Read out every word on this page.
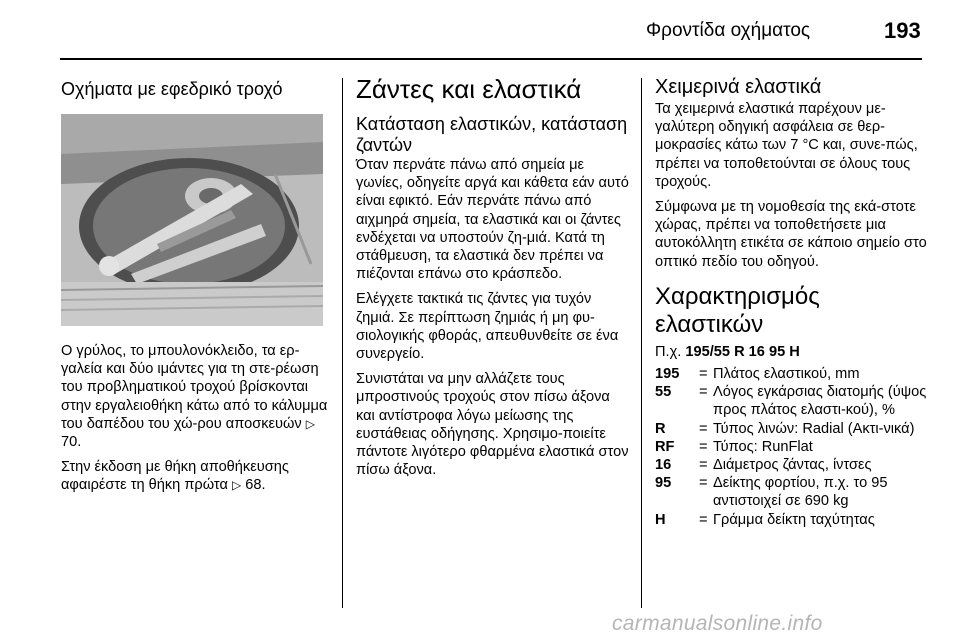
Φροντίδα οχήματος	193
Οχήματα με εφεδρικό τροχό

Ο γρύλος, το μπουλονόκλειδο, τα ερ-γαλεία και δύο ιμάντες για τη στε-ρέωση του προβληματικού τροχού βρίσκονται στην εργαλειοθήκη κάτω από το κάλυμμα του δαπέδου του χώ-ρου αποσκευών ▷ 70.

Στην έκδοση με θήκη αποθήκευσης αφαιρέστε τη θήκη πρώτα ▷ 68.

Ζάντες και ελαστικά
Κατάσταση ελαστικών, κατάσταση ζαντών

Όταν περνάτε πάνω από σημεία με γωνίες, οδηγείτε αργά και κάθετα εάν αυτό είναι εφικτό. Εάν περνάτε πάνω από αιχμηρά σημεία, τα ελαστικά και οι ζάντες ενδέχεται να υποστούν ζη-μιά. Κατά τη στάθμευση, τα ελαστικά δεν πρέπει να πιέζονται επάνω στο κράσπεδο.

Ελέγχετε τακτικά τις ζάντες για τυχόν ζημιά. Σε περίπτωση ζημιάς ή μη φυ-σιολογικής φθοράς, απευθυνθείτε σε ένα συνεργείο.

Συνιστάται να μην αλλάζετε τους μπροστινούς τροχούς στον πίσω άξονα και αντίστροφα λόγω μείωσης της ευστάθειας οδήγησης. Χρησιμο-ποιείτε πάντοτε λιγότερο φθαρμένα ελαστικά στον πίσω άξονα.

Χειμερινά ελαστικά

Τα χειμερινά ελαστικά παρέχουν με-γαλύτερη οδηγική ασφάλεια σε θερ-μοκρασίες κάτω των 7 °C και, συνε-πώς, πρέπει να τοποθετούνται σε όλους τους τροχούς.

Σύμφωνα με τη νομοθεσία της εκά-στοτε χώρας, πρέπει να τοποθετήσετε μια αυτοκόλλητη ετικέτα σε κάποιο σημείο στο οπτικό πεδίο του οδηγού.

Χαρακτηρισμός ελαστικών
Π.χ. 195/55 R 16 95 H
195	=	Πλάτος ελαστικού, mm
55	=	Λόγος εγκάρσιας διατομής (ύψος προς πλάτος ελαστι-κού), %
R	=	Τύπος λινών: Radial (Ακτι-νικά)
RF	=	Τύπος: RunFlat
16	=	Διάμετρος ζάντας, ίντσες
95	=	Δείκτης φορτίου, π.χ. το 95 αντιστοιχεί σε 690 kg
H	=	Γράμμα δείκτη ταχύτητας
carmanualsonline.info
